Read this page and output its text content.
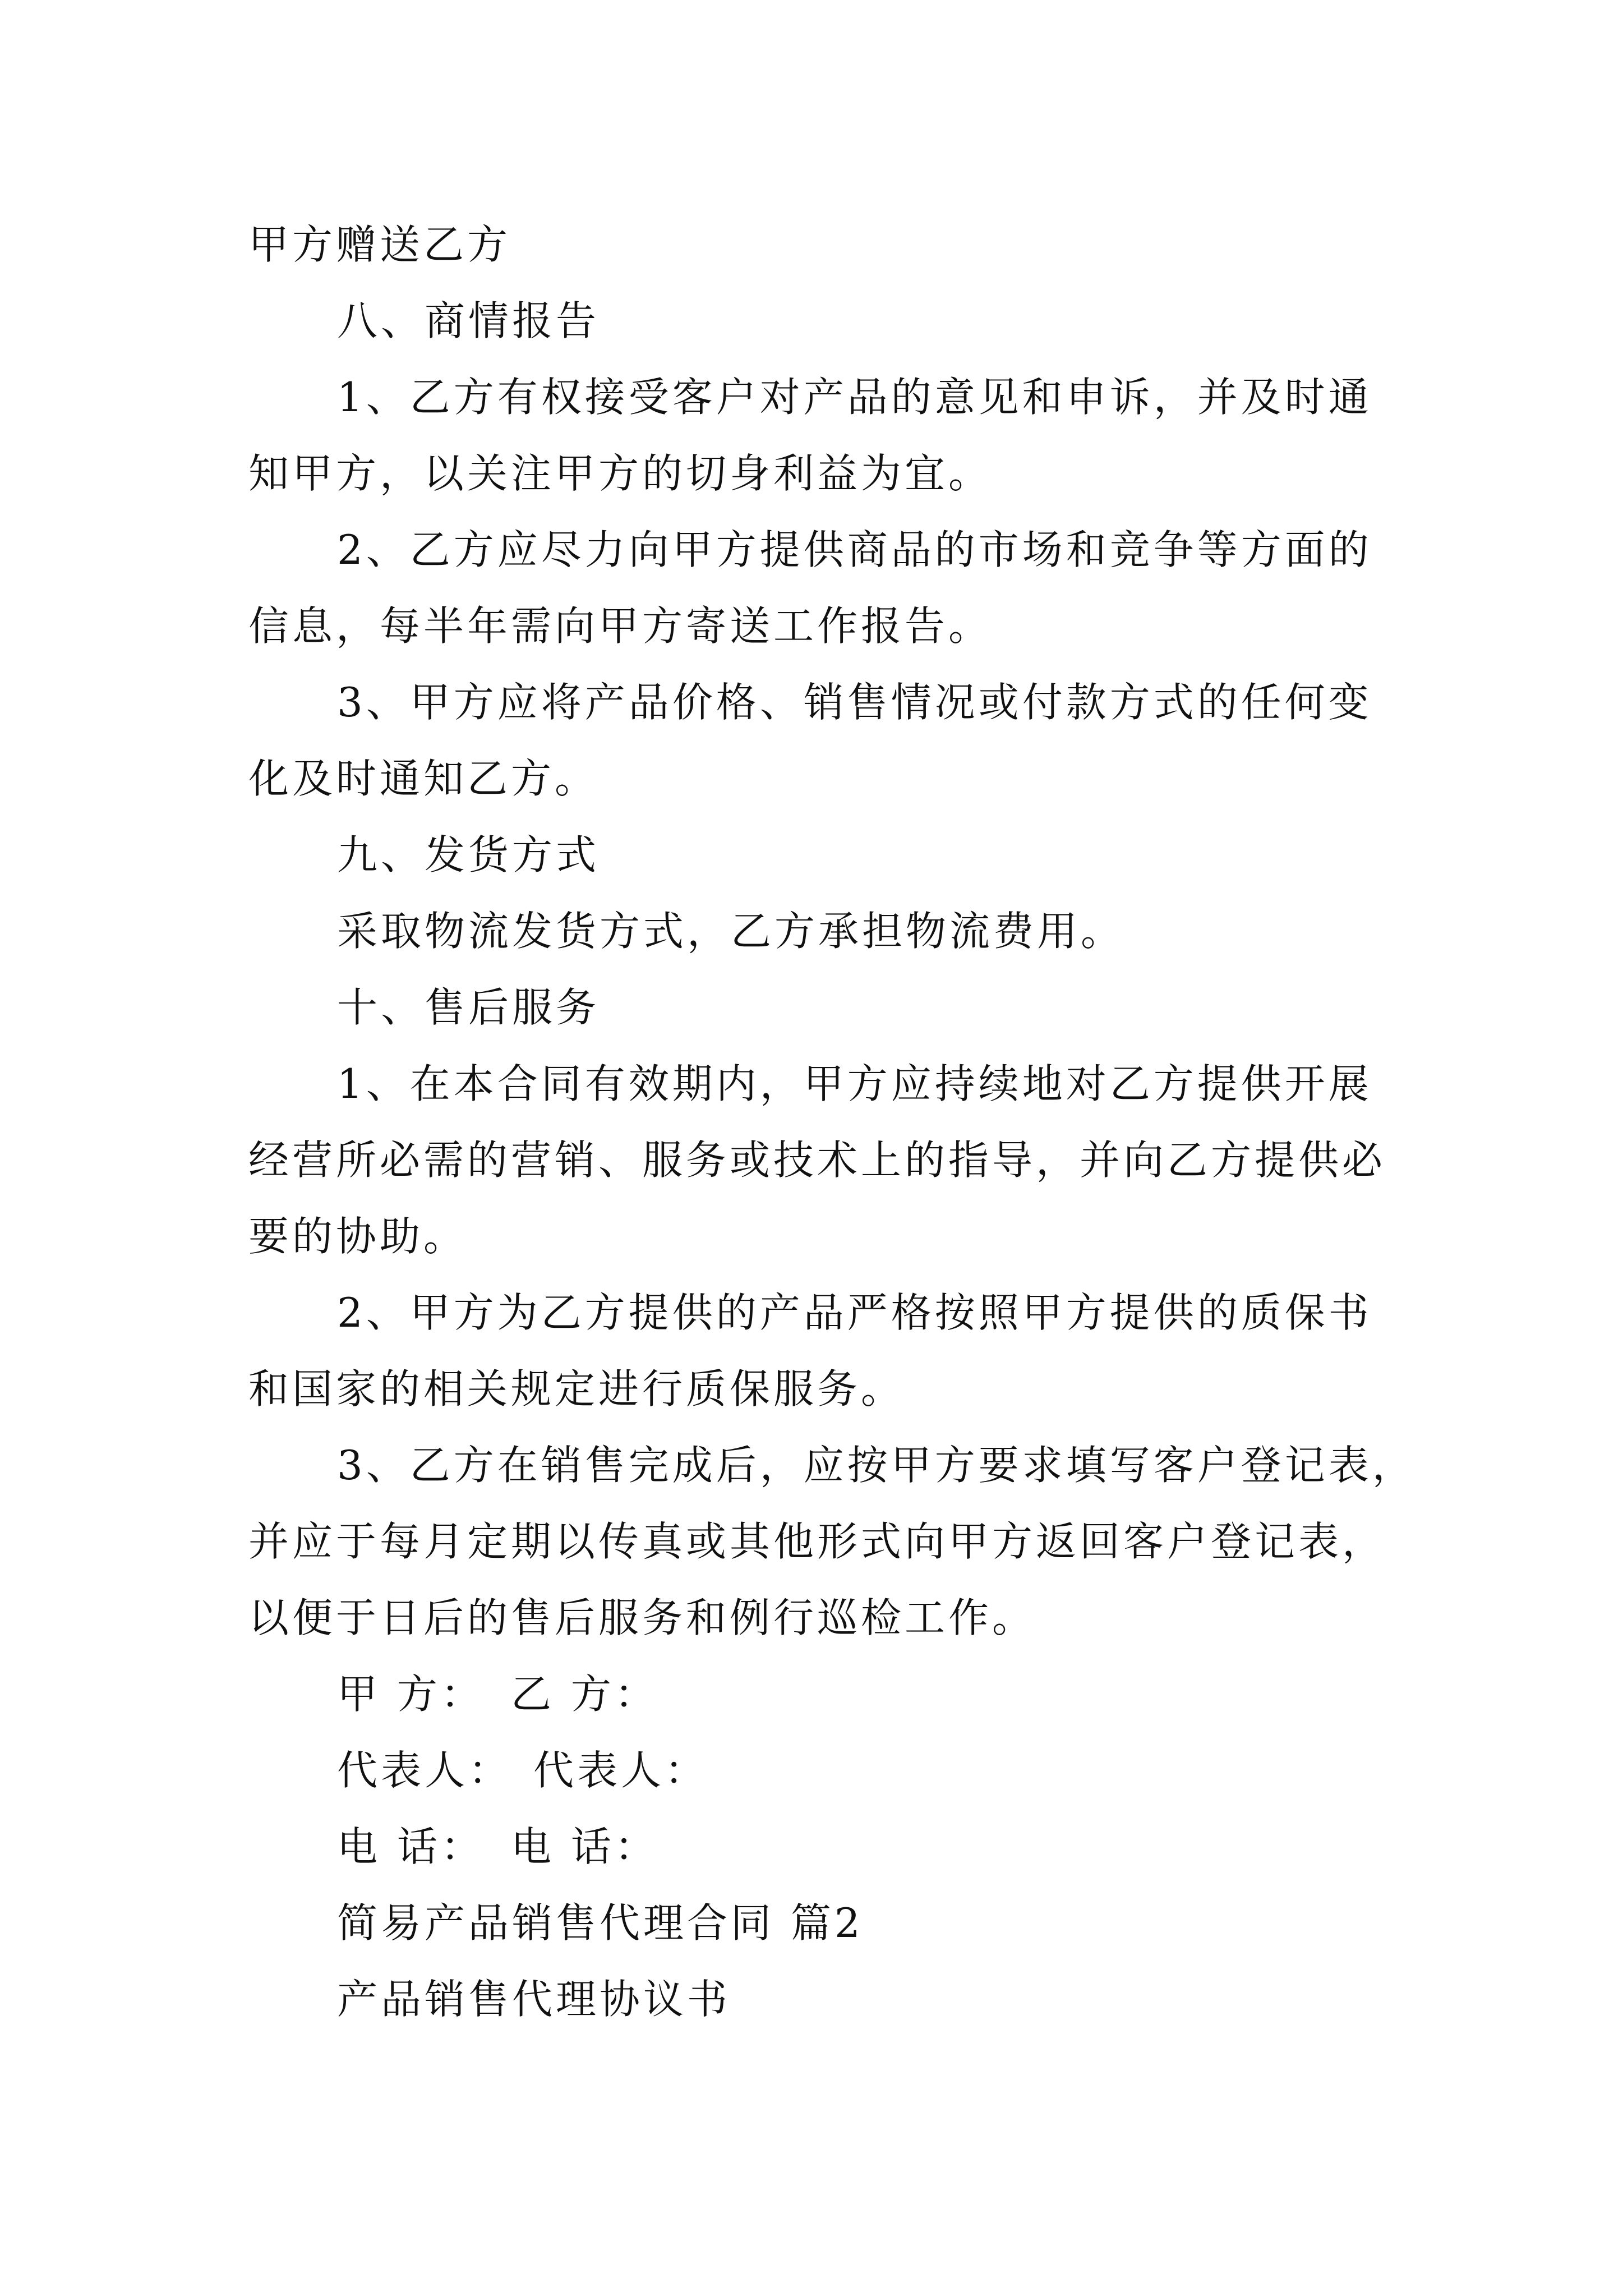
甲方赠送乙方
八、商情报告
1、乙方有权接受客户对产品的意见和申诉，并及时通
知甲方，以关注甲方的切身利益为宜。
2、乙方应尽力向甲方提供商品的市场和竞争等方面的
信息，每半年需向甲方寄送工作报告。
3、甲方应将产品价格、销售情况或付款方式的任何变
化及时通知乙方。
九、发货方式
采取物流发货方式，乙方承担物流费用。
十、售后服务
1、在本合同有效期内，甲方应持续地对乙方提供开展
经营所必需的营销、服务或技术上的指导，并向乙方提供必
要的协助。
2、甲方为乙方提供的产品严格按照甲方提供的质保书
和国家的相关规定进行质保服务。
3、乙方在销售完成后，应按甲方要求填写客户登记表，
并应于每月定期以传真或其他形式向甲方返回客户登记表，
以便于日后的售后服务和例行巡检工作。
甲 方： 乙 方：
代表人： 代表人：
电 话： 电 话：
简易产品销售代理合同 篇2
产品销售代理协议书
